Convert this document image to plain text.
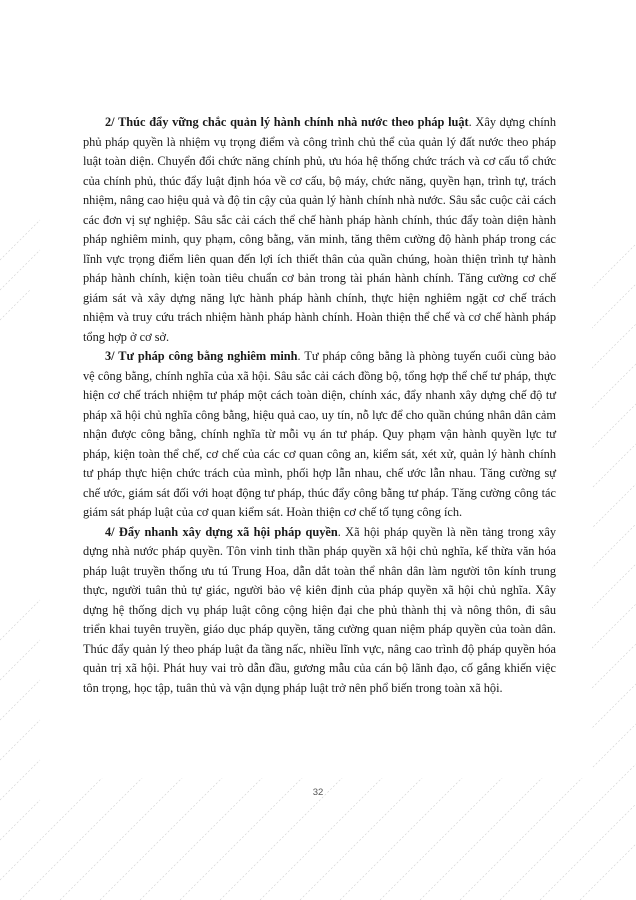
2/ Thúc đẩy vững chắc quản lý hành chính nhà nước theo pháp luật. Xây dựng chính phủ pháp quyền là nhiệm vụ trọng điểm và công trình chủ thể của quản lý đất nước theo pháp luật toàn diện. Chuyển đổi chức năng chính phủ, ưu hóa hệ thống chức trách và cơ cấu tổ chức của chính phủ, thúc đẩy luật định hóa về cơ cấu, bộ máy, chức năng, quyền hạn, trình tự, trách nhiệm, nâng cao hiệu quả và độ tin cậy của quản lý hành chính nhà nước. Sâu sắc cuộc cải cách các đơn vị sự nghiệp. Sâu sắc cải cách thể chế hành pháp hành chính, thúc đẩy toàn diện hành pháp nghiêm minh, quy phạm, công bằng, văn minh, tăng thêm cường độ hành pháp trong các lĩnh vực trọng điểm liên quan đến lợi ích thiết thân của quần chúng, hoàn thiện trình tự hành pháp hành chính, kiện toàn tiêu chuẩn cơ bản trong tài phán hành chính. Tăng cường cơ chế giám sát và xây dựng năng lực hành pháp hành chính, thực hiện nghiêm ngặt cơ chế trách nhiệm và truy cứu trách nhiệm hành pháp hành chính. Hoàn thiện thể chế và cơ chế hành pháp tổng hợp ở cơ sở.

3/ Tư pháp công bằng nghiêm minh. Tư pháp công bằng là phòng tuyến cuối cùng bảo vệ công bằng, chính nghĩa của xã hội. Sâu sắc cải cách đồng bộ, tổng hợp thể chế tư pháp, thực hiện cơ chế trách nhiệm tư pháp một cách toàn diện, chính xác, đẩy nhanh xây dựng chế độ tư pháp xã hội chủ nghĩa công bằng, hiệu quả cao, uy tín, nỗ lực để cho quần chúng nhân dân cảm nhận được công bằng, chính nghĩa từ mỗi vụ án tư pháp. Quy phạm vận hành quyền lực tư pháp, kiện toàn thể chế, cơ chế của các cơ quan công an, kiểm sát, xét xử, quản lý hành chính tư pháp thực hiện chức trách của mình, phối hợp lẫn nhau, chế ước lẫn nhau. Tăng cường sự chế ước, giám sát đối với hoạt động tư pháp, thúc đẩy công bằng tư pháp. Tăng cường công tác giám sát pháp luật của cơ quan kiểm sát. Hoàn thiện cơ chế tố tụng công ích.

4/ Đẩy nhanh xây dựng xã hội pháp quyền. Xã hội pháp quyền là nền tảng trong xây dựng nhà nước pháp quyền. Tôn vinh tinh thần pháp quyền xã hội chủ nghĩa, kế thừa văn hóa pháp luật truyền thống ưu tú Trung Hoa, dẫn dắt toàn thể nhân dân làm người tôn kính trung thực, người tuân thủ tự giác, người bảo vệ kiên định của pháp quyền xã hội chủ nghĩa. Xây dựng hệ thống dịch vụ pháp luật công cộng hiện đại che phủ thành thị và nông thôn, đi sâu triển khai tuyên truyền, giáo dục pháp quyền, tăng cường quan niệm pháp quyền của toàn dân. Thúc đẩy quản lý theo pháp luật đa tầng nấc, nhiều lĩnh vực, nâng cao trình độ pháp quyền hóa quản trị xã hội. Phát huy vai trò dẫn đầu, gương mẫu của cán bộ lãnh đạo, cố gắng khiến việc tôn trọng, học tập, tuân thủ và vận dụng pháp luật trở nên phổ biến trong toàn xã hội.

32
